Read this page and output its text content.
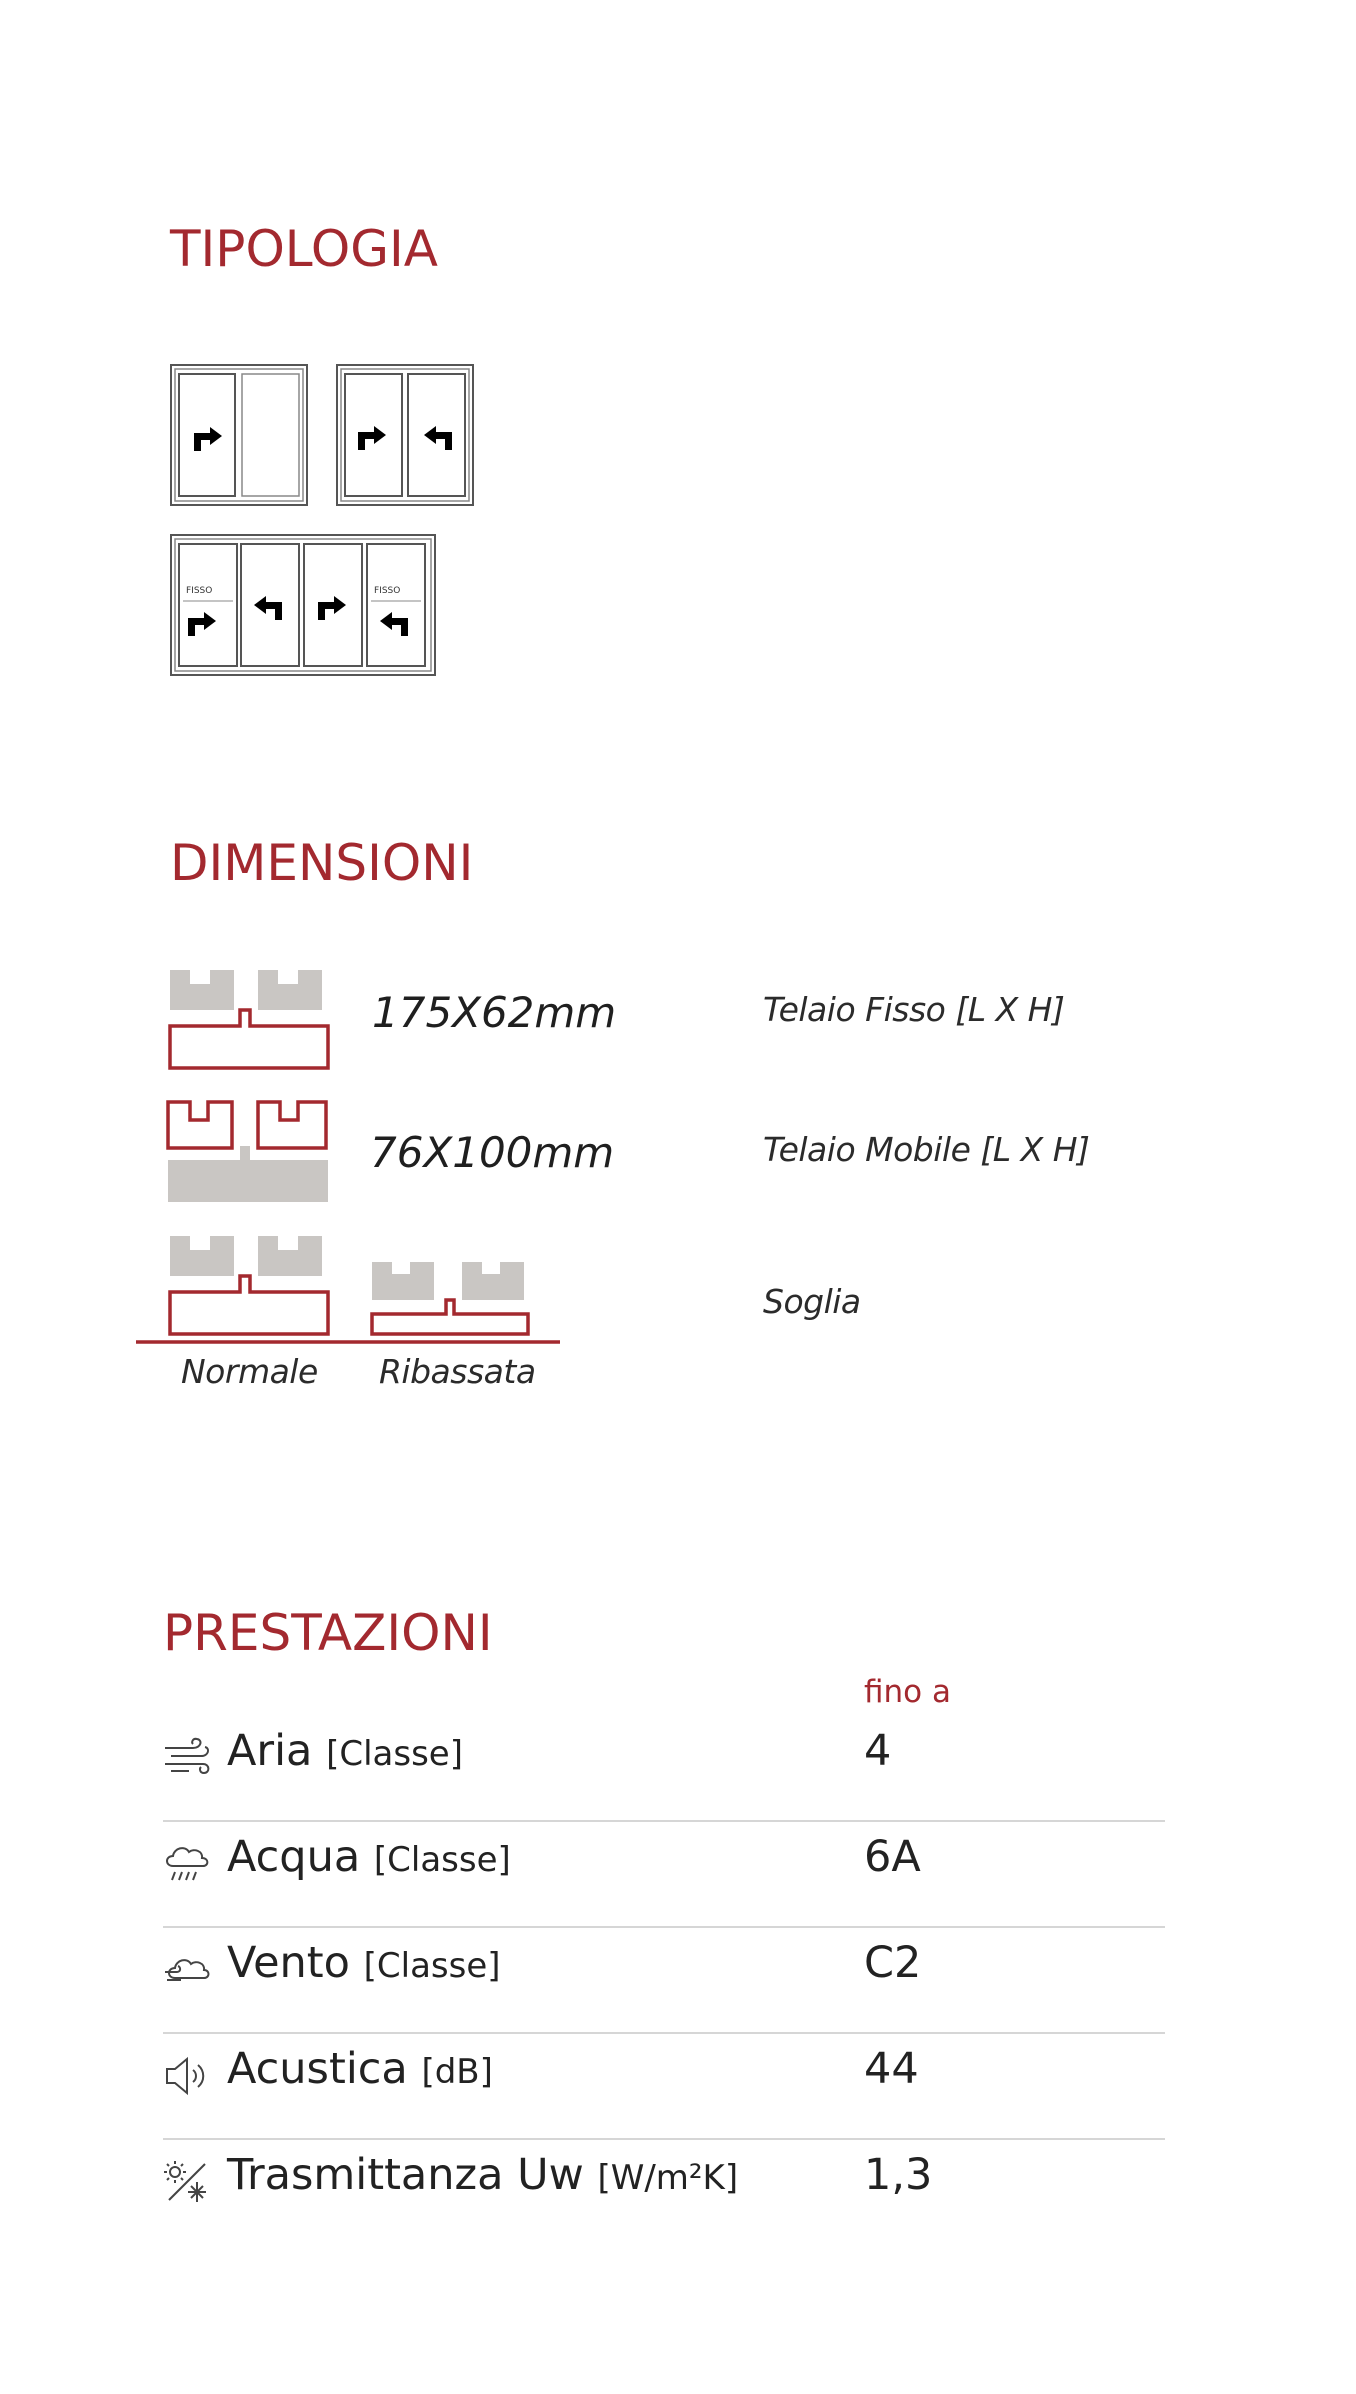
TIPOLOGIA
FISSO	FISSO
DIMENSIONI
175X62mm	Telaio Fisso [L X H]
76X100mm	Telaio Mobile [L X H]
Normale Ribassata
Soglia
PRESTAZIONI
fino a
Aria [Classe]	4
Acqua [Classe]	6A
Vento [Classe]	C2
Acustica [dB]	44
Trasmittanza Uw [W/m²K]	1,3
